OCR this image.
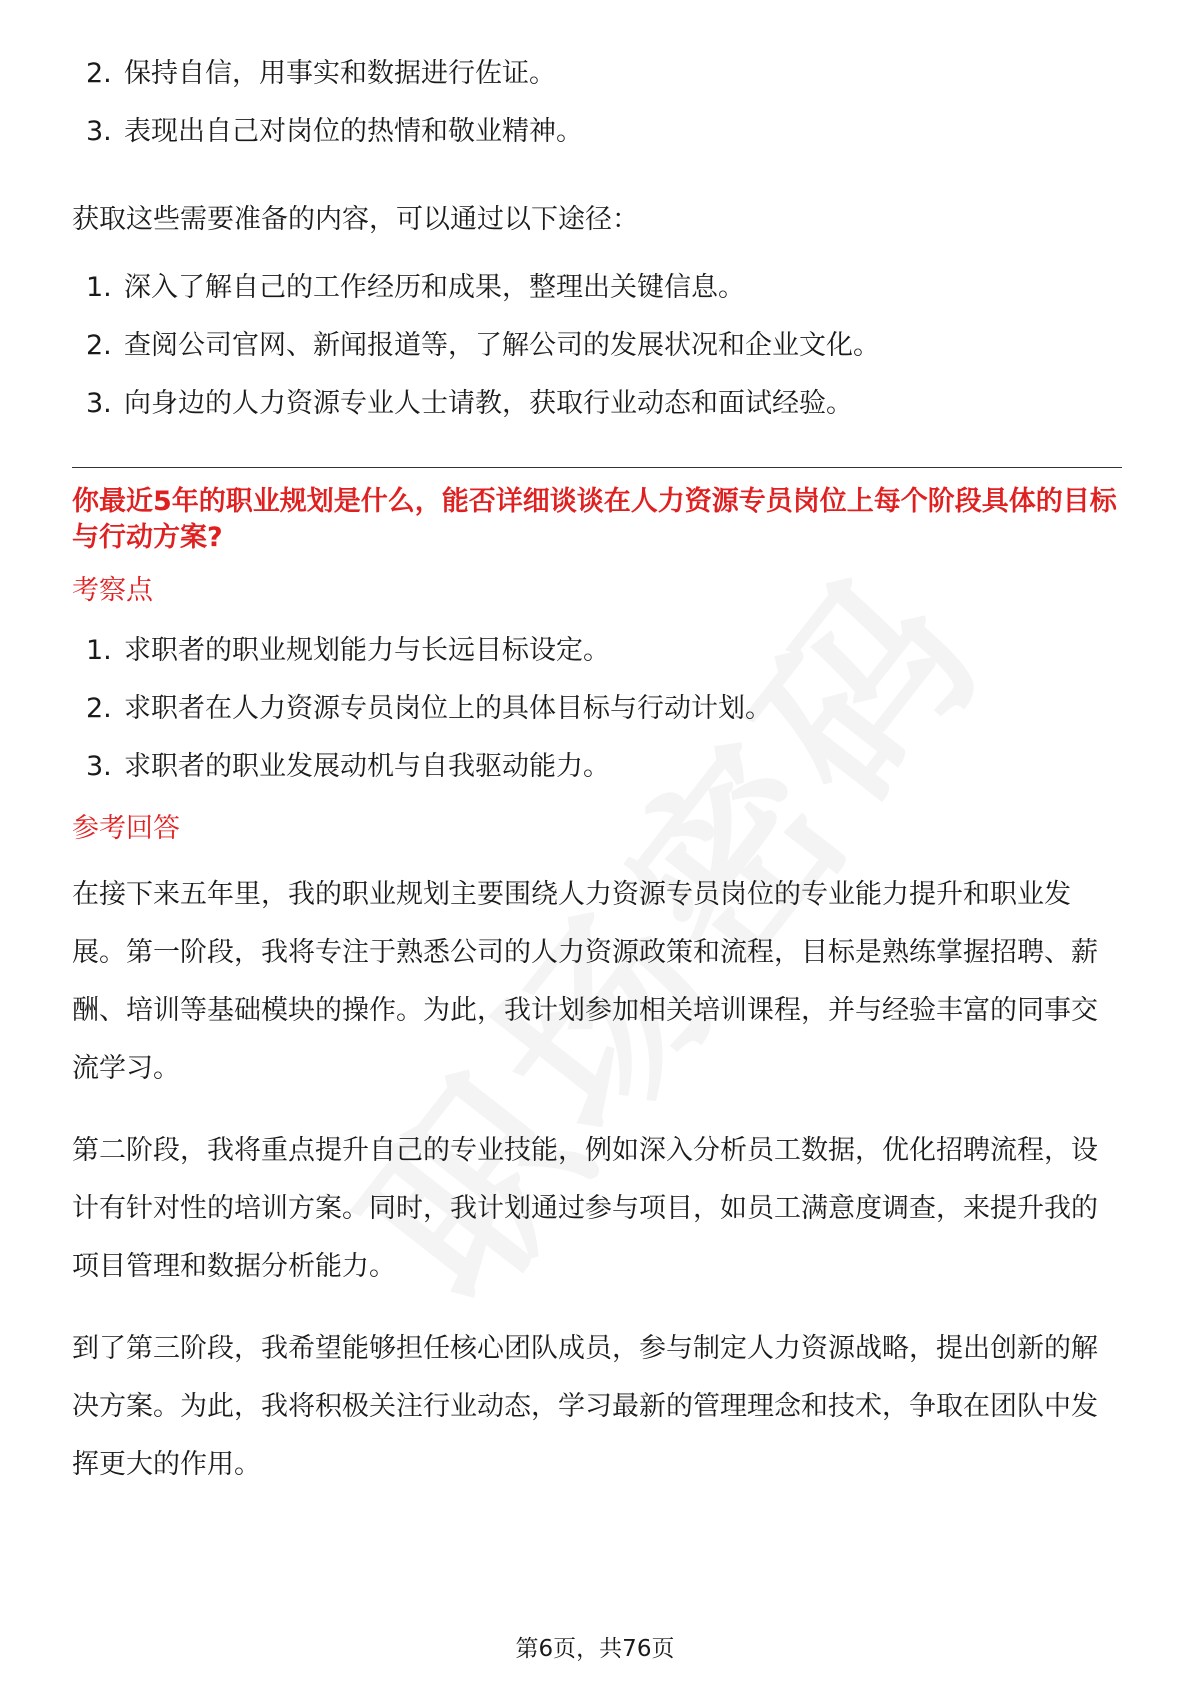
2. 保持自信，用事实和数据进行佐证。
3. 表现出自己对岗位的热情和敬业精神。

获取这些需要准备的内容，可以通过以下途径：

1. 深入了解自己的工作经历和成果，整理出关键信息。
2. 查阅公司官网、新闻报道等，了解公司的发展状况和企业文化。
3. 向身边的人力资源专业人士请教，获取行业动态和面试经验。

你最近5年的职业规划是什么，能否详细谈谈在人力资源专员岗位上每个阶段具体的目标与行动方案?

考察点

1. 求职者的职业规划能力与长远目标设定。
2. 求职者在人力资源专员岗位上的具体目标与行动计划。
3. 求职者的职业发展动机与自我驱动能力。

参考回答

在接下来五年里，我的职业规划主要围绕人力资源专员岗位的专业能力提升和职业发展。第一阶段，我将专注于熟悉公司的人力资源政策和流程，目标是熟练掌握招聘、薪酬、培训等基础模块的操作。为此，我计划参加相关培训课程，并与经验丰富的同事交流学习。

第二阶段，我将重点提升自己的专业技能，例如深入分析员工数据，优化招聘流程，设计有针对性的培训方案。同时，我计划通过参与项目，如员工满意度调查，来提升我的项目管理和数据分析能力。

到了第三阶段，我希望能够担任核心团队成员，参与制定人力资源战略，提出创新的解决方案。为此，我将积极关注行业动态，学习最新的管理理念和技术，争取在团队中发挥更大的作用。

第6页，共76页
